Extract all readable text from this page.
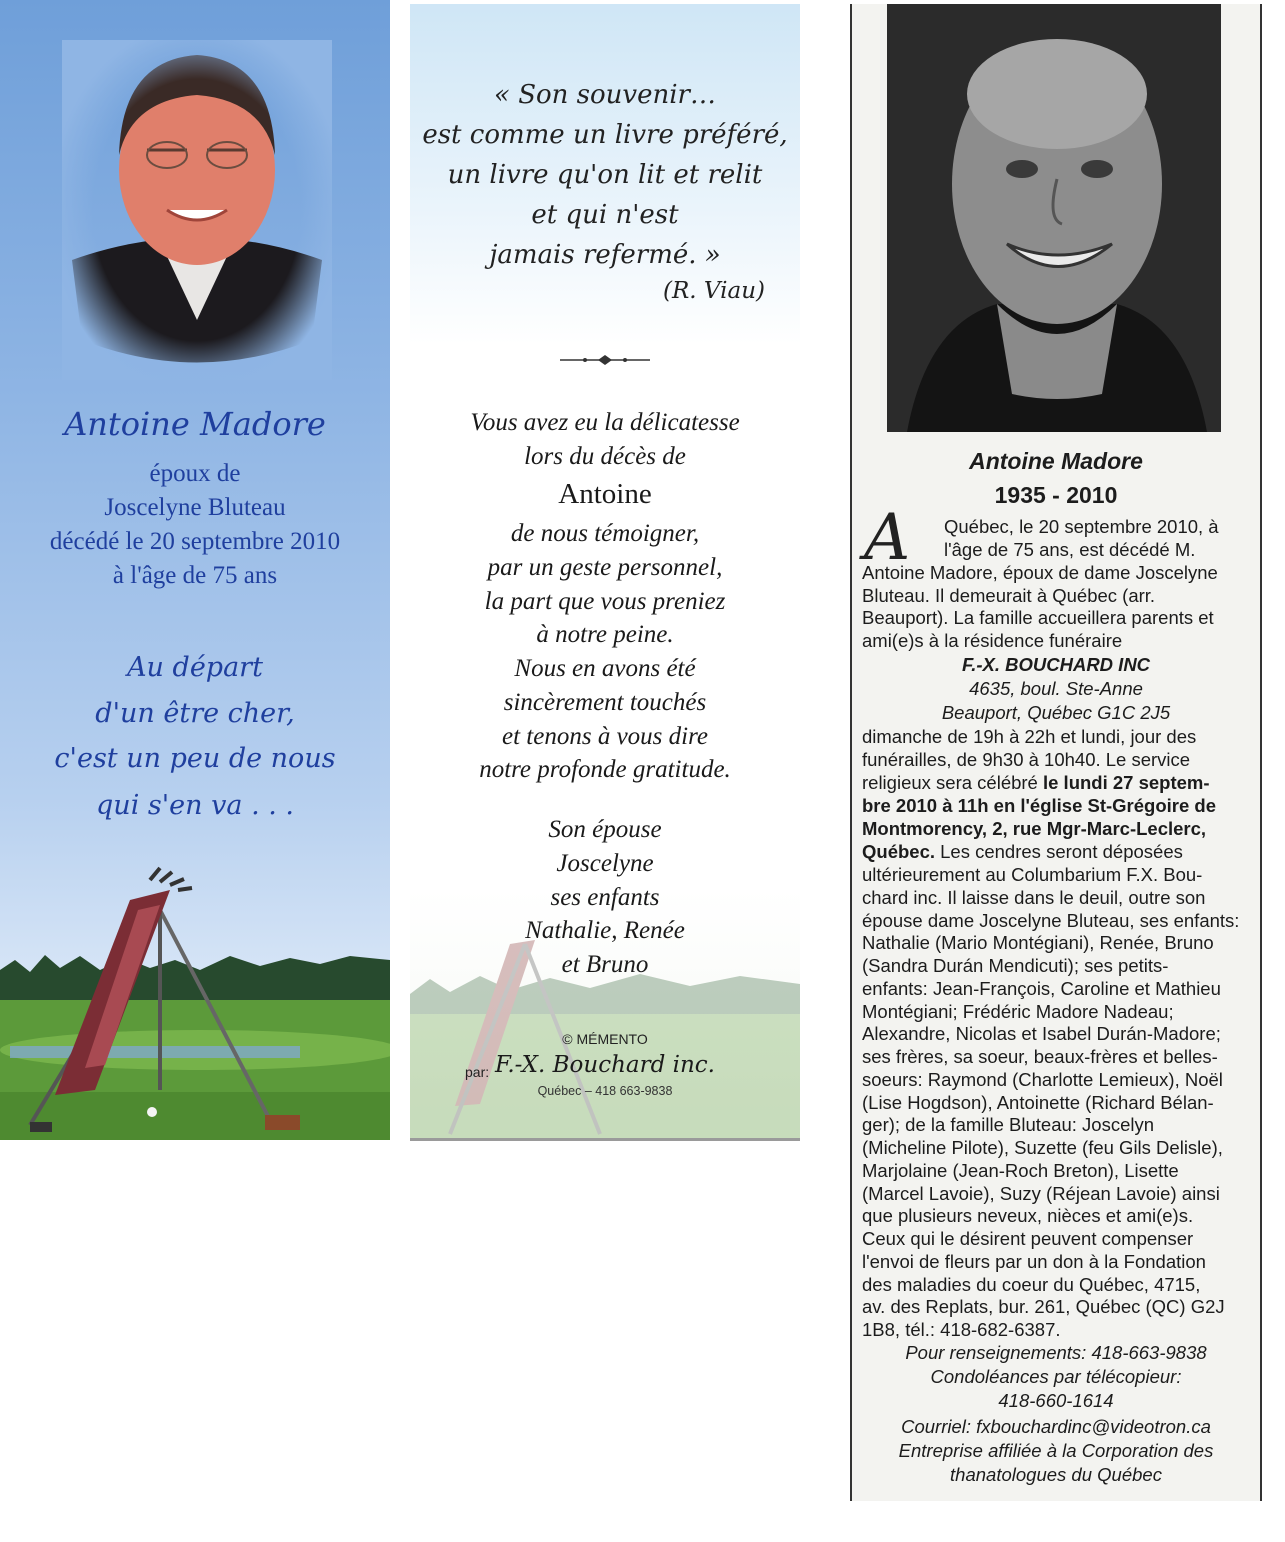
Antoine Madore
époux de
Joscelyne Bluteau
décédé le 20 septembre 2010
à l'âge de 75 ans
Au départ
d'un être cher,
c'est un peu de nous
qui s'en va . . .
« Son souvenir…
est comme un livre préféré,
un livre qu'on lit et relit
et qui n'est
jamais refermé. »
(R. Viau)
Vous avez eu la délicatesse
lors du décès de
Antoine
de nous témoigner,
par un geste personnel,
la part que vous preniez
à notre peine.
Nous en avons été
sincèrement touchés
et tenons à vous dire
notre profonde gratitude.
Son épouse
Joscelyne
ses enfants
Nathalie, Renée
et Bruno
© MÉMENTO
par: F.-X. Bouchard inc.
Québec – 418 663-9838
Antoine Madore
1935 - 2010
A Québec, le 20 septembre 2010, à
l'âge de 75 ans, est décédé M.
Antoine Madore, époux de dame Joscelyne
Bluteau. Il demeurait à Québec (arr.
Beauport). La famille accueillera parents et
ami(e)s à la résidence funéraire
F.-X. BOUCHARD INC
4635, boul. Ste-Anne
Beauport, Québec G1C 2J5
dimanche de 19h à 22h et lundi, jour des
funérailles, de 9h30 à 10h40. Le service
religieux sera célébré le lundi 27 septem-
bre 2010 à 11h en l'église St-Grégoire de
Montmorency, 2, rue Mgr-Marc-Leclerc,
Québec. Les cendres seront déposées
ultérieurement au Columbarium F.X. Bou-
chard inc. Il laisse dans le deuil, outre son
épouse dame Joscelyne Bluteau, ses enfants:
Nathalie (Mario Montégiani), Renée, Bruno
(Sandra Durán Mendicuti); ses petits-
enfants: Jean-François, Caroline et Mathieu
Montégiani; Frédéric Madore Nadeau;
Alexandre, Nicolas et Isabel Durán-Madore;
ses frères, sa soeur, beaux-frères et belles-
soeurs: Raymond (Charlotte Lemieux), Noël
(Lise Hogdson), Antoinette (Richard Bélan-
ger); de la famille Bluteau: Joscelyn
(Micheline Pilote), Suzette (feu Gils Delisle),
Marjolaine (Jean-Roch Breton), Lisette
(Marcel Lavoie), Suzy (Réjean Lavoie) ainsi
que plusieurs neveux, nièces et ami(e)s.
Ceux qui le désirent peuvent compenser
l'envoi de fleurs par un don à la Fondation
des maladies du coeur du Québec, 4715,
av. des Replats, bur. 261, Québec (QC) G2J
1B8, tél.: 418-682-6387.
Pour renseignements: 418-663-9838
Condoléances par télécopieur:
418-660-1614
Courriel: fxbouchardinc@videotron.ca
Entreprise affiliée à la Corporation des
thanatologues du Québec
